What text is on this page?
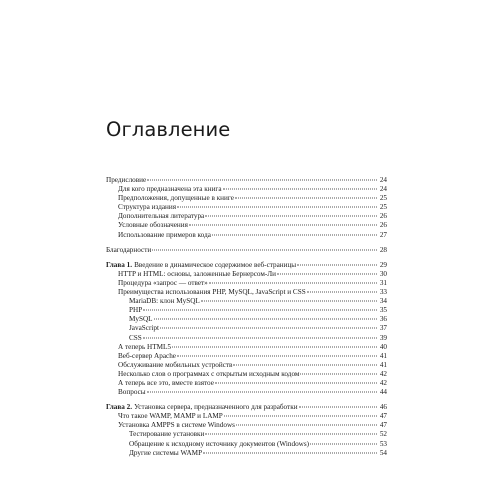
Оглавление
Предисловие	24
Для кого предназначена эта книга	24
Предположения, допущенные в книге	25
Структура издания	25
Дополнительная литература	26
Условные обозначения	26
Использование примеров кода	27
Благодарности	28
Глава 1. Введение в динамическое содержимое веб-страницы	29
HTTP и HTML: основы, заложенные Бернерсом-Ли	30
Процедура «запрос — ответ»	31
Преимущества использования PHP, MySQL, JavaScript и CSS	33
MariaDB: клон MySQL	34
PHP	35
MySQL	36
JavaScript	37
CSS	39
А теперь HTML5	40
Веб-сервер Apache	41
Обслуживание мобильных устройств	41
Несколько слов о программах с открытым исходным кодом	42
А теперь все это, вместе взятое	42
Вопросы	44
Глава 2. Установка сервера, предназначенного для разработки	46
Что такое WAMP, MAMP и LAMP	47
Установка AMPPS в системе Windows	47
Тестирование установки	52
Обращение к исходному источнику документов (Windows)	53
Другие системы WAMP	54
